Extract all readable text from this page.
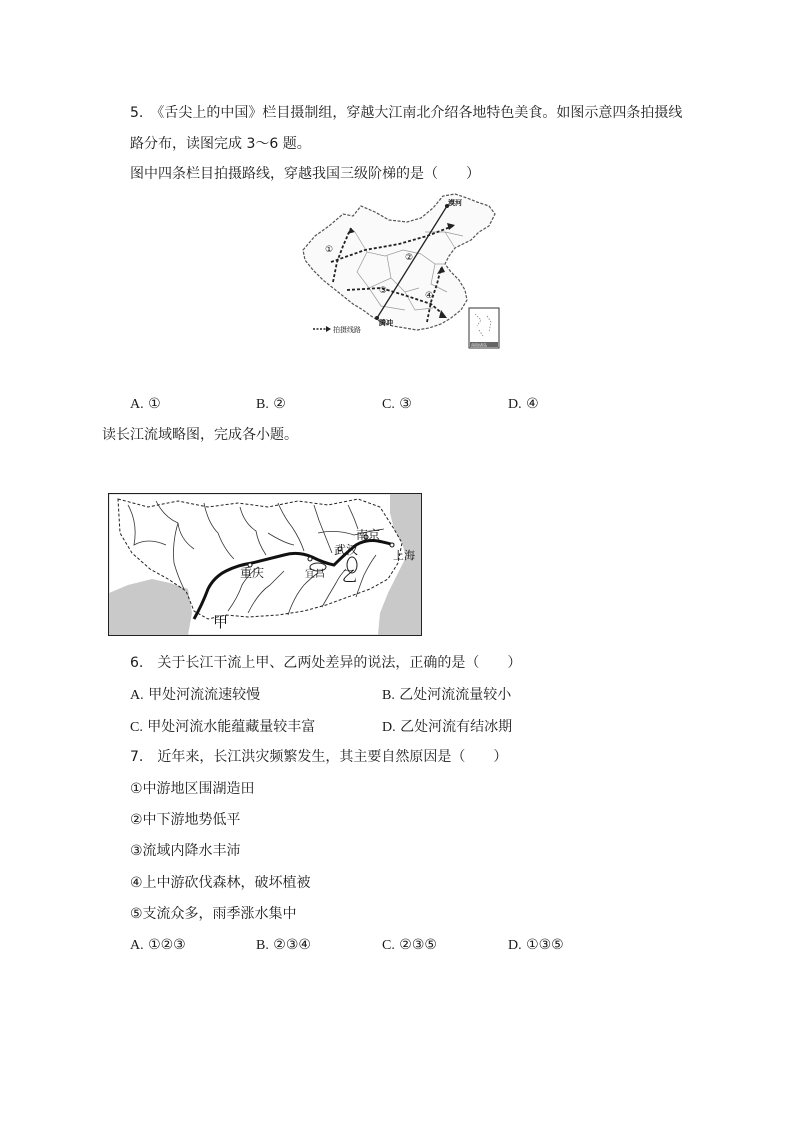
5.　《舌尖上的中国》栏目摄制组，穿越大江南北介绍各地特色美食。如图示意四条拍摄线
路分布，读图完成 3～6 题。
图中四条栏目拍摄路线，穿越我国三级阶梯的是（　　）
漠河
腾冲
①
②
③	④
拍摄线路
南海诸岛
A. ①	B. ②	C. ③	D. ④
读长江流域略图，完成各小题。
南京
武汉	上海
重庆	宜昌
甲
乙
6.　关于长江干流上甲、乙两处差异的说法，正确的是（　　）
A. 甲处河流流速较慢	B. 乙处河流流量较小
C. 甲处河流水能蕴藏量较丰富	D. 乙处河流有结冰期
7.　近年来，长江洪灾频繁发生，其主要自然原因是（　　）
①中游地区围湖造田
②中下游地势低平
③流域内降水丰沛
④上中游砍伐森林，破坏植被
⑤支流众多，雨季涨水集中
A. ①②③	B. ②③④	C. ②③⑤	D. ①③⑤
